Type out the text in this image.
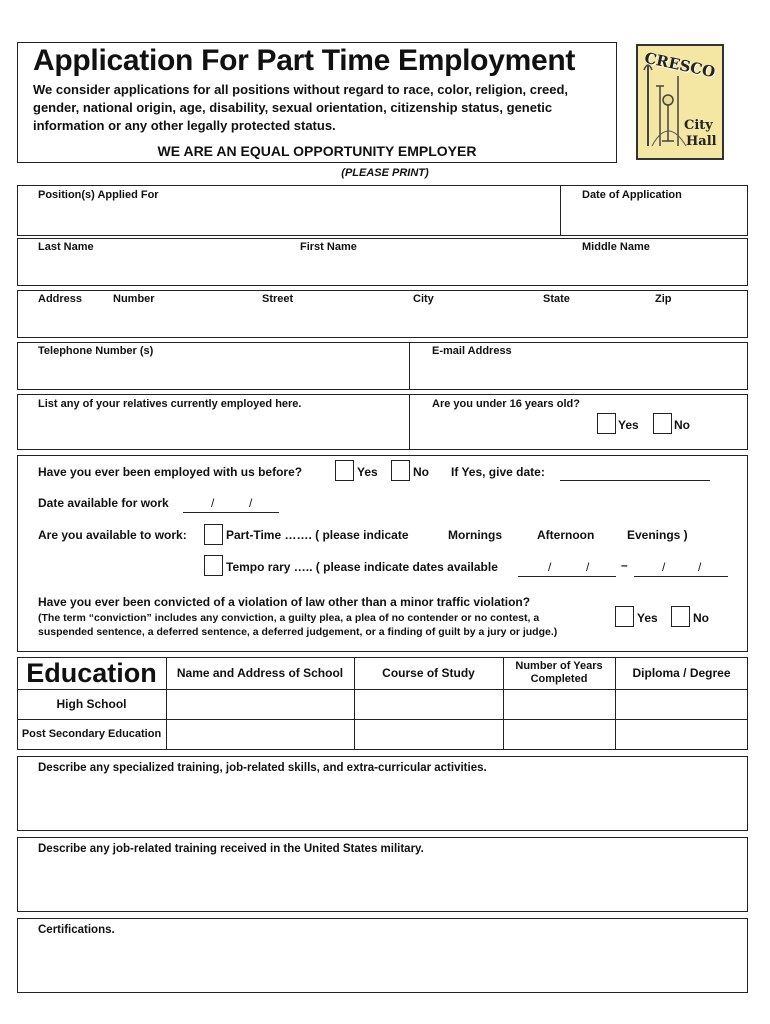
Application For Part Time Employment
We consider applications for all positions without regard to race, color, religion, creed, gender, national origin, age, disability, sexual orientation, citizenship status, genetic information or any other legally protected status.
WE ARE AN EQUAL OPPORTUNITY EMPLOYER
CRESCO
City
Hall
(PLEASE PRINT)
Position(s) Applied For	Date of Application
Last Name	First Name	Middle Name
Address	Number	Street	City	State	Zip
Telephone Number (s)	E-mail Address
List any of your relatives currently employed here.	Are you under 16 years old?
Yes	No
Have you ever been employed with us before?	Yes	No If Yes, give date:
Date available for work	/	/
Are you available to work:	Part-Time ……. ( please indicate	Mornings	Afternoon	Evenings )
Tempo rary ….. ( please indicate dates available	/	/	–	/	/
Have you ever been convicted of a violation of law other than a minor traffic violation?
(The term “conviction” includes any conviction, a guilty plea, a plea of no contender or no contest, a
suspended sentence, a deferred sentence, a deferred judgement, or a finding of guilt by a jury or judge.)
Yes	No
Education	Name and Address of School	Course of Study	Number of Years Completed	Diploma / Degree
High School
Post Secondary Education
Describe any specialized training, job-related skills, and extra-curricular activities.
Describe any job-related training received in the United States military.
Certifications.
